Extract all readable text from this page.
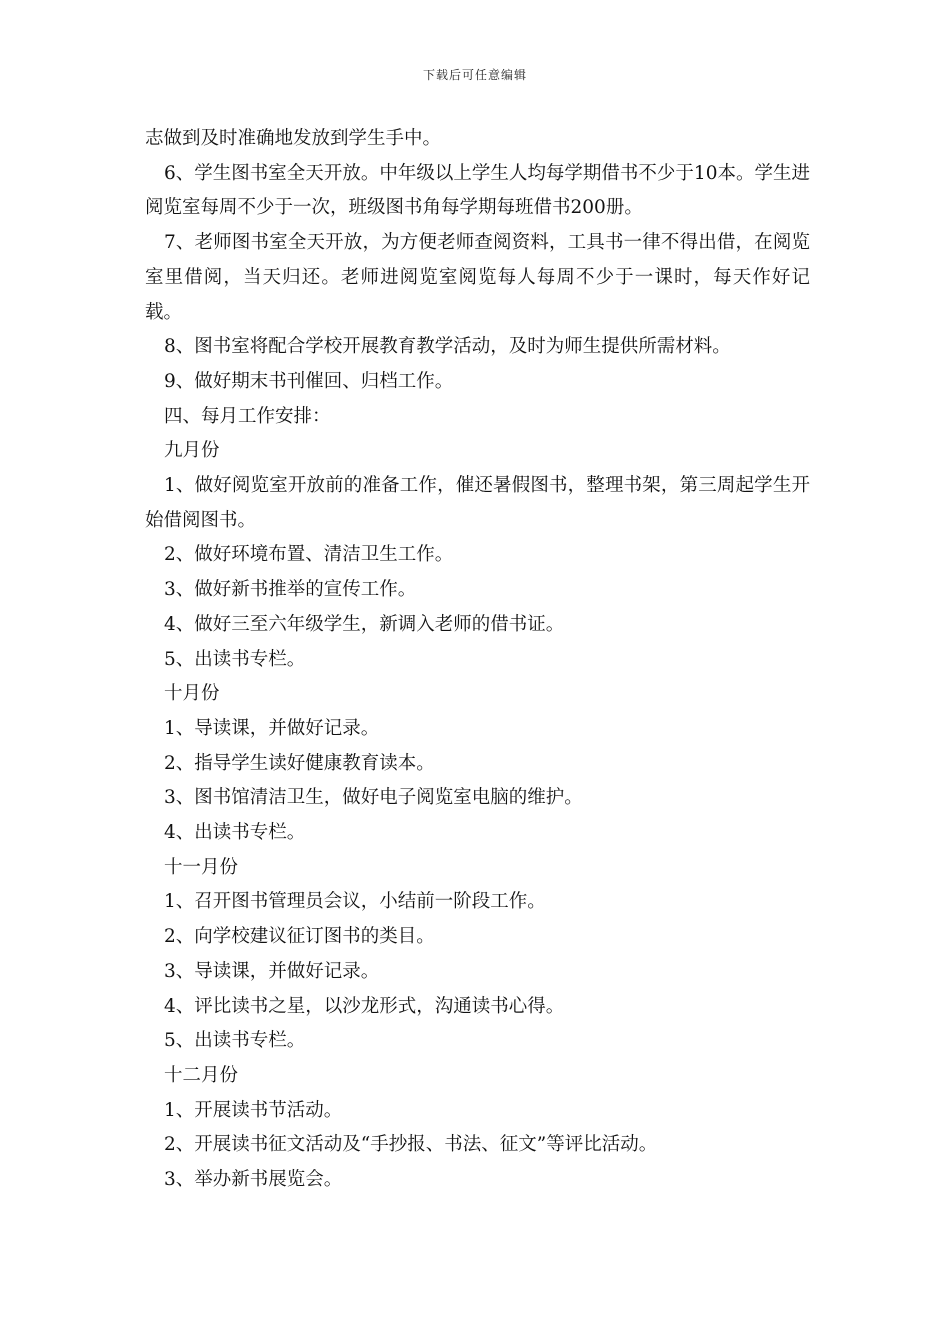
下载后可任意编辑

志做到及时准确地发放到学生手中。

6、学生图书室全天开放。中年级以上学生人均每学期借书不少于10本。学生进阅览室每周不少于一次，班级图书角每学期每班借书200册。

7、老师图书室全天开放，为方便老师查阅资料，工具书一律不得出借，在阅览室里借阅，当天归还。老师进阅览室阅览每人每周不少于一课时，每天作好记载。

8、图书室将配合学校开展教育教学活动，及时为师生提供所需材料。

9、做好期末书刊催回、归档工作。

四、每月工作安排：

九月份

1、做好阅览室开放前的准备工作，催还暑假图书，整理书架，第三周起学生开始借阅图书。

2、做好环境布置、清洁卫生工作。

3、做好新书推举的宣传工作。

4、做好三至六年级学生，新调入老师的借书证。

5、出读书专栏。

十月份

1、导读课，并做好记录。

2、指导学生读好健康教育读本。

3、图书馆清洁卫生，做好电子阅览室电脑的维护。

4、出读书专栏。

十一月份

1、召开图书管理员会议，小结前一阶段工作。

2、向学校建议征订图书的类目。

3、导读课，并做好记录。

4、评比读书之星，以沙龙形式，沟通读书心得。

5、出读书专栏。

十二月份

1、开展读书节活动。

2、开展读书征文活动及“手抄报、书法、征文”等评比活动。

3、举办新书展览会。
